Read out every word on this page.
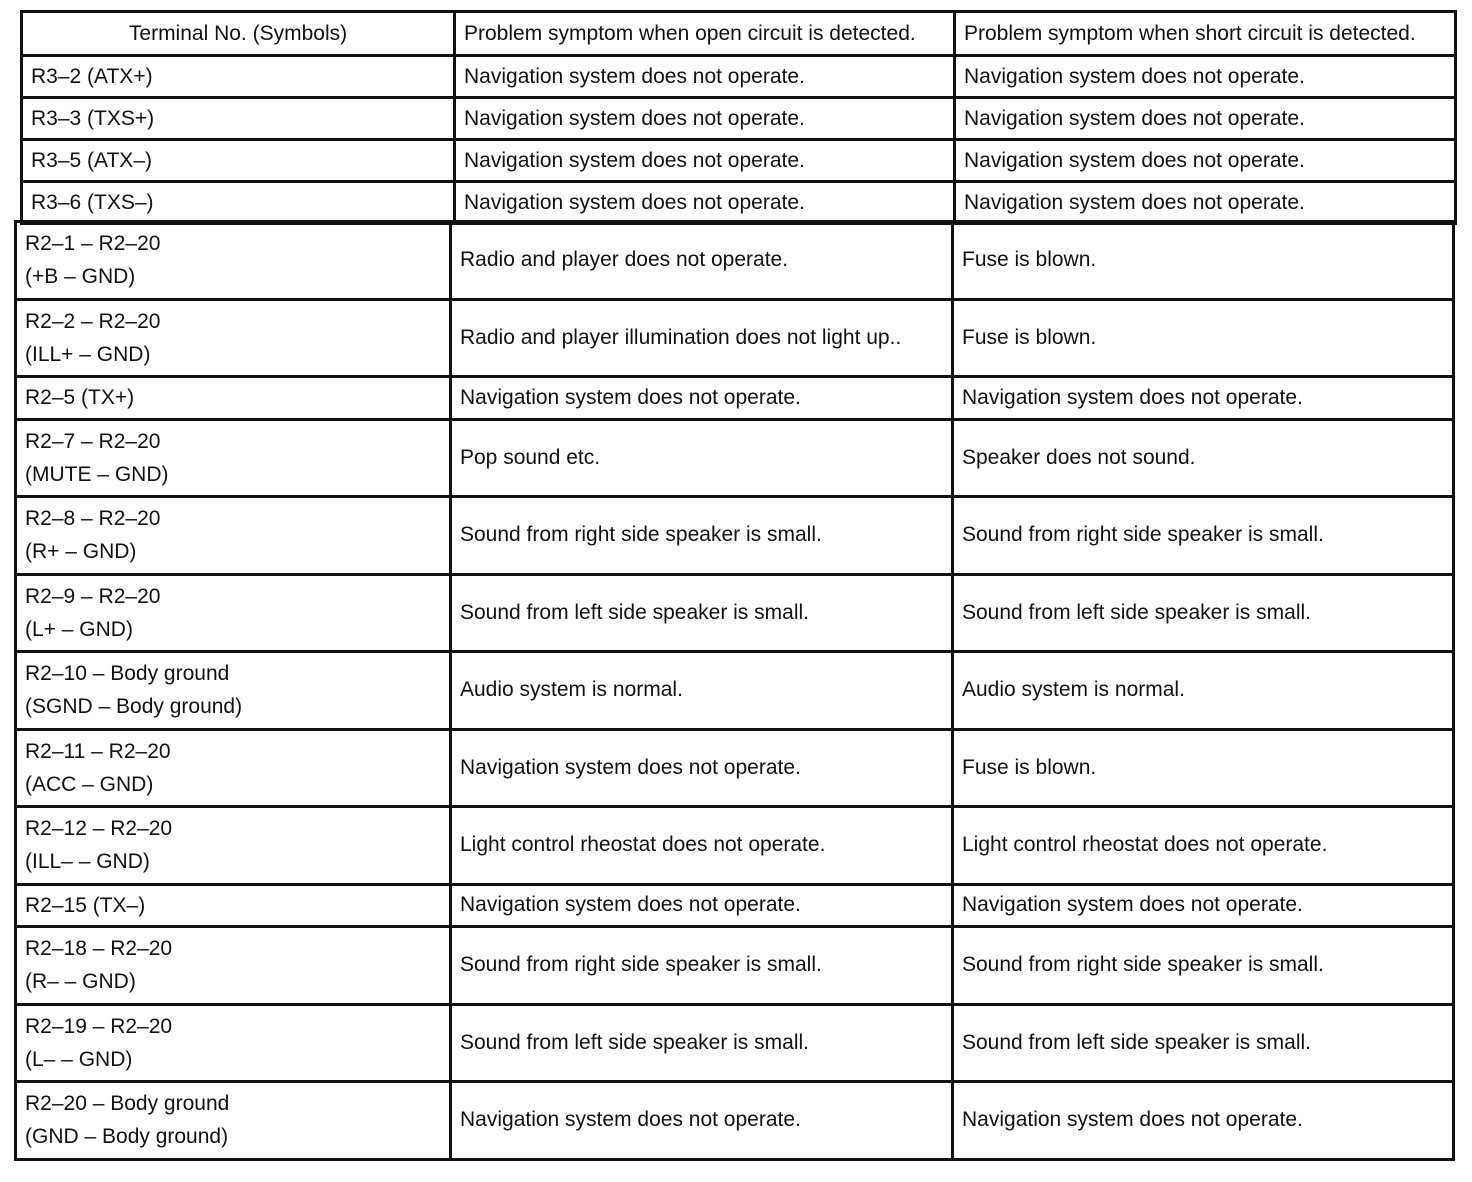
Terminal No. (Symbols)	Problem symptom when open circuit is detected.	Problem symptom when short circuit is detected.
R3–2 (ATX+)	Navigation system does not operate.	Navigation system does not operate.
R3–3 (TXS+)	Navigation system does not operate.	Navigation system does not operate.
R3–5 (ATX–)	Navigation system does not operate.	Navigation system does not operate.
R3–6 (TXS–)	Navigation system does not operate.	Navigation system does not operate.
R2–1 – R2–20
(+B – GND)	Radio and player does not operate.	Fuse is blown.
R2–2 – R2–20
(ILL+ – GND)	Radio and player illumination does not light up..	Fuse is blown.
R2–5 (TX+)	Navigation system does not operate.	Navigation system does not operate.
R2–7 – R2–20
(MUTE – GND)	Pop sound etc.	Speaker does not sound.
R2–8 – R2–20
(R+ – GND)	Sound from right side speaker is small.	Sound from right side speaker is small.
R2–9 – R2–20
(L+ – GND)	Sound from left side speaker is small.	Sound from left side speaker is small.
R2–10 – Body ground
(SGND – Body ground)	Audio system is normal.	Audio system is normal.
R2–11 – R2–20
(ACC – GND)	Navigation system does not operate.	Fuse is blown.
R2–12 – R2–20
(ILL– – GND)	Light control rheostat does not operate.	Light control rheostat does not operate.
R2–15 (TX–)	Navigation system does not operate.	Navigation system does not operate.
R2–18 – R2–20
(R– – GND)	Sound from right side speaker is small.	Sound from right side speaker is small.
R2–19 – R2–20
(L– – GND)	Sound from left side speaker is small.	Sound from left side speaker is small.
R2–20 – Body ground
(GND – Body ground)	Navigation system does not operate.	Navigation system does not operate.
